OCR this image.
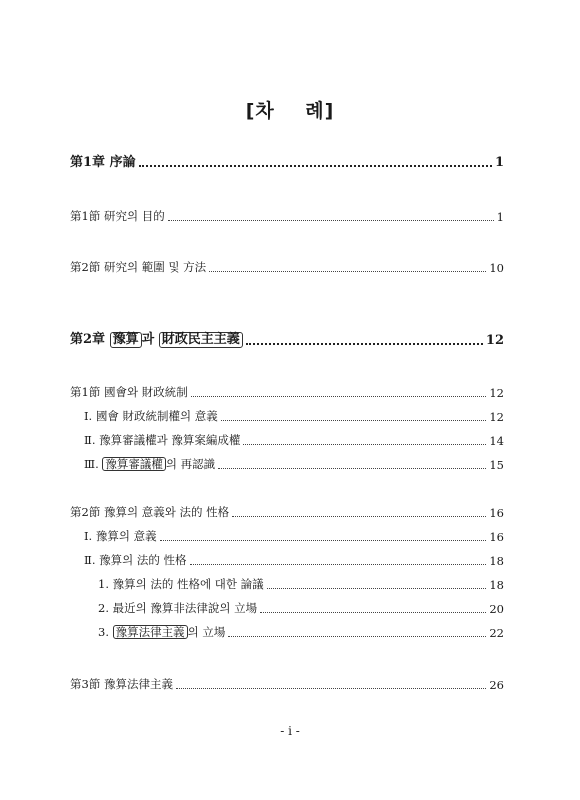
[차    례]
第1章 序論	1
第1節 研究의 目的	1
第2節 研究의 範圍 및 方法	10
第2章 豫算 과 財政民主主義	12
第1節 國會와 財政統制	12
Ⅰ. 國會 財政統制權의 意義	12
Ⅱ. 豫算審議權과 豫算案編成權	14
Ⅲ. 豫算審議權 의 再認識	15
第2節 豫算의 意義와 法的 性格	16
Ⅰ. 豫算의 意義	16
Ⅱ. 豫算의 法的 性格	18
1. 豫算의 法的 性格에 대한 論議	18
2. 最近의 豫算非法律說의 立場	20
3. 豫算法律主義 의 立場	22
第3節 豫算法律主義	26
- i -
